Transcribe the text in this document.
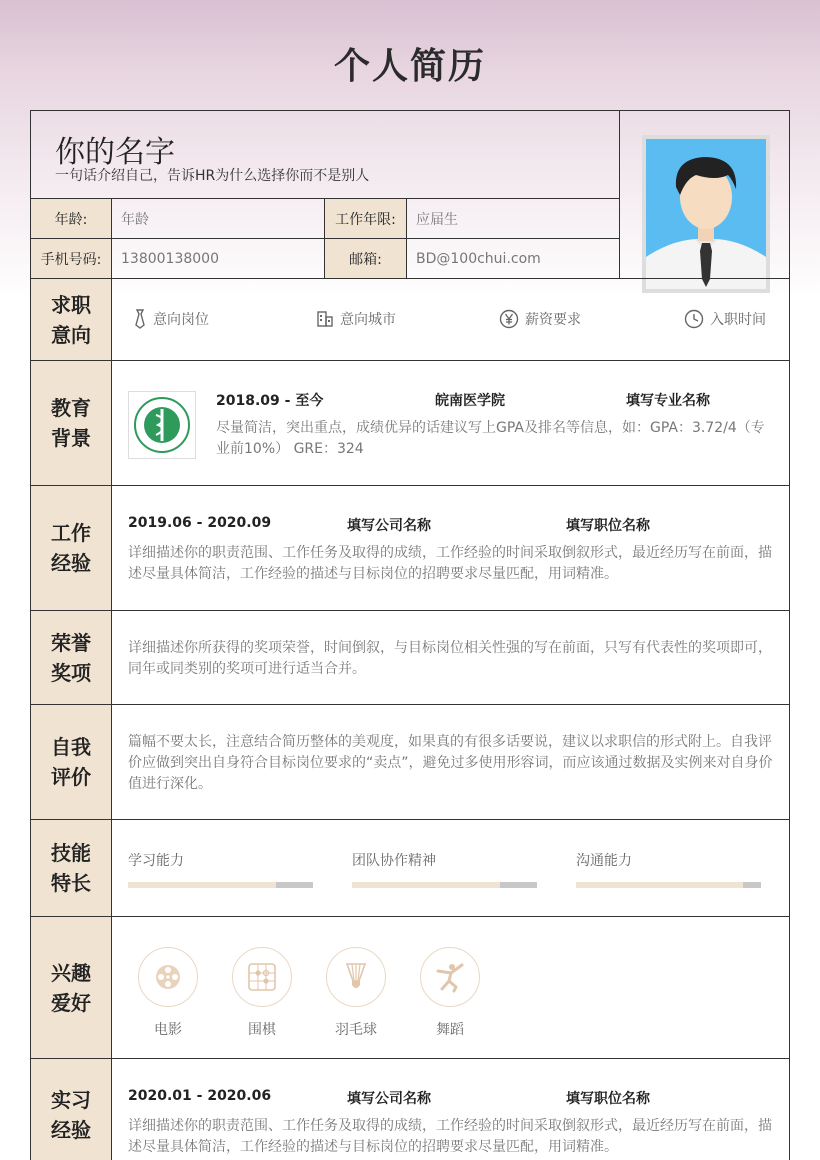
个人简历
你的名字
一句话介绍自己，告诉HR为什么选择你而不是别人
年龄:	年龄	工作年限:	应届生
手机号码:	13800138000	邮箱:	BD@100chui.com
求职意向
意向岗位	意向城市	薪资要求	入职时间
教育背景
2018.09 - 至今	皖南医学院	填写专业名称
尽量简洁，突出重点，成绩优异的话建议写上GPA及排名等信息，如：GPA：3.72/4（专业前10%） GRE：324
工作经验
2019.06 - 2020.09	填写公司名称	填写职位名称
详细描述你的职责范围、工作任务及取得的成绩，工作经验的时间采取倒叙形式，最近经历写在前面，描述尽量具体简洁，工作经验的描述与目标岗位的招聘要求尽量匹配，用词精准。
荣誉奖项
详细描述你所获得的奖项荣誉，时间倒叙，与目标岗位相关性强的写在前面，只写有代表性的奖项即可，同年或同类别的奖项可进行适当合并。
自我评价
篇幅不要太长，注意结合简历整体的美观度，如果真的有很多话要说，建议以求职信的形式附上。自我评价应做到突出自身符合目标岗位要求的“卖点”，避免过多使用形容词，而应该通过数据及实例来对自身价值进行深化。
技能特长
学习能力	团队协作精神	沟通能力
兴趣爱好
电影	围棋	羽毛球	舞蹈
实习经验
2020.01 - 2020.06	填写公司名称	填写职位名称
详细描述你的职责范围、工作任务及取得的成绩，工作经验的时间采取倒叙形式，最近经历写在前面，描述尽量具体简洁，工作经验的描述与目标岗位的招聘要求尽量匹配，用词精准。
